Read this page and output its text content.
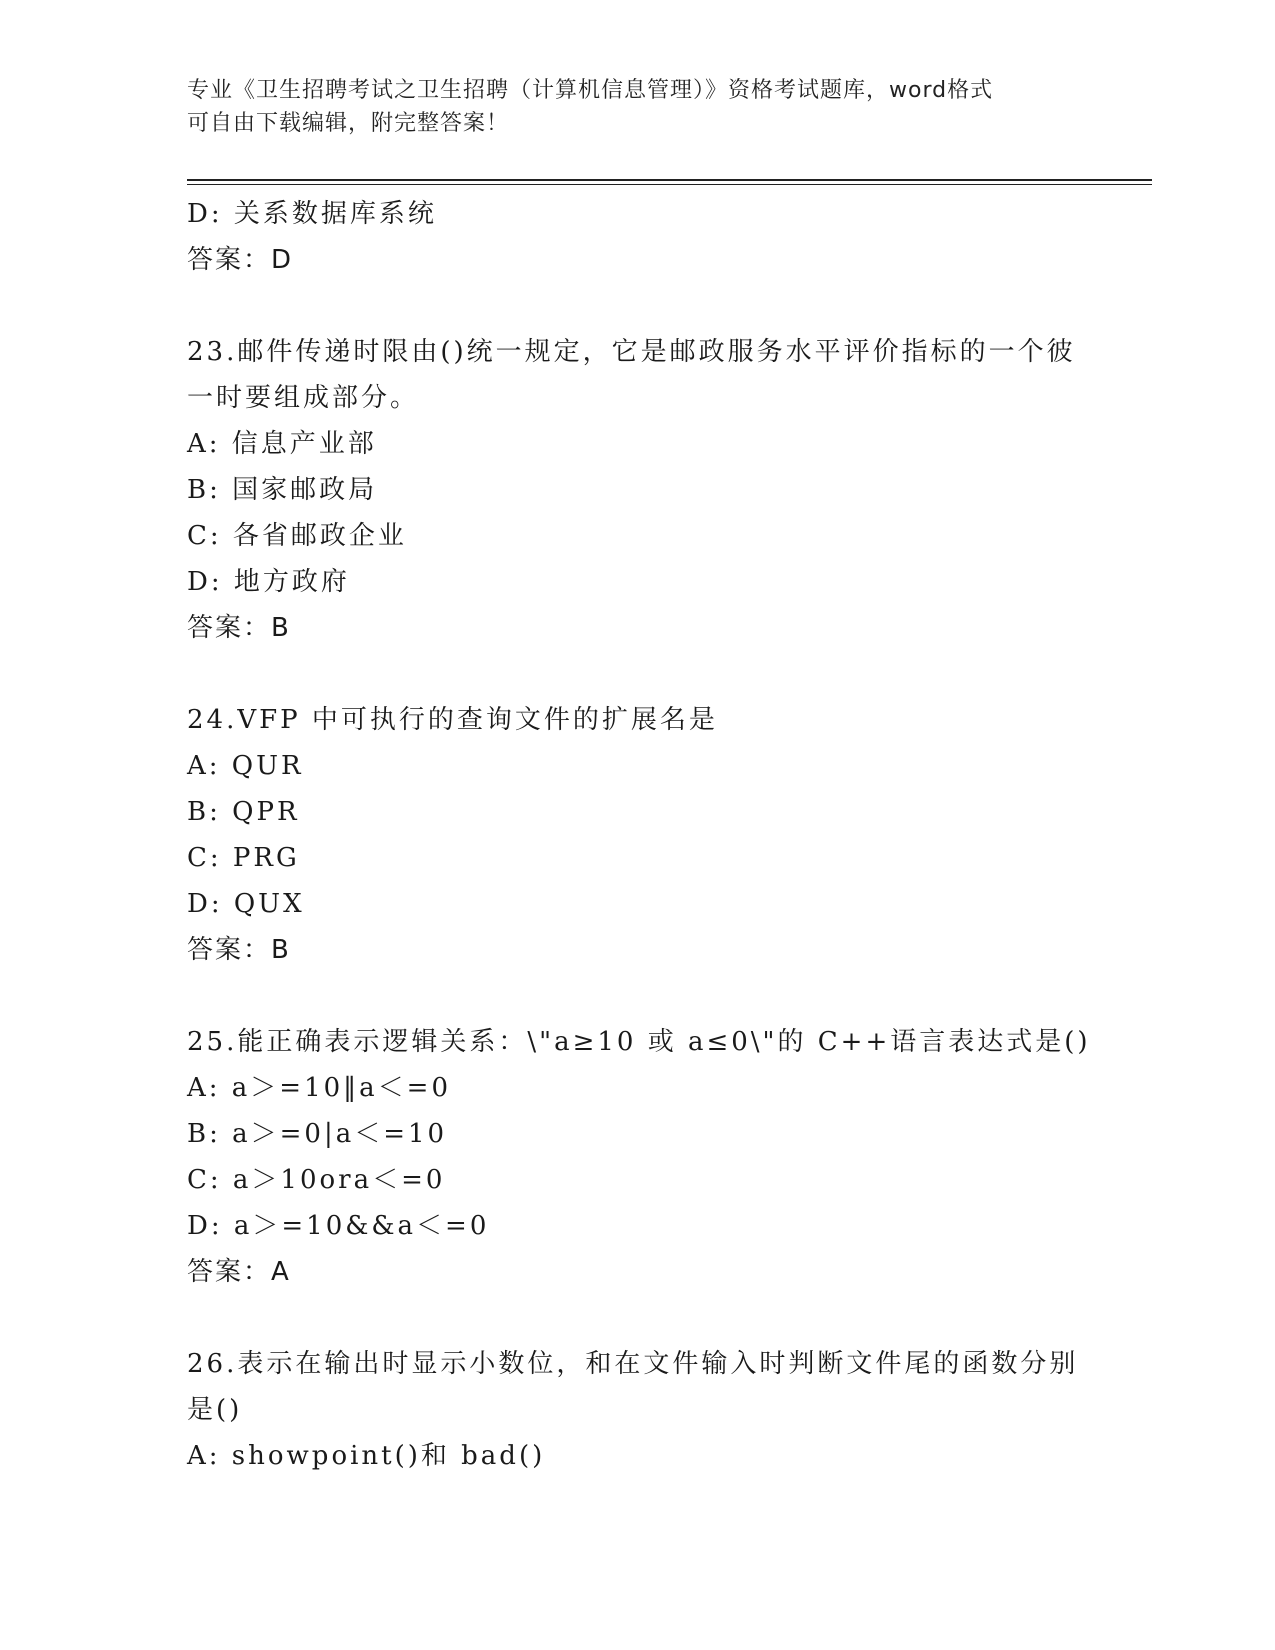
专业《卫生招聘考试之卫生招聘（计算机信息管理）》资格考试题库，word格式
可自由下载编辑，附完整答案！
D: 关系数据库系统
答案：D
23.邮件传递时限由()统一规定，它是邮政服务水平评价指标的一个彼
一时要组成部分。
A: 信息产业部
B: 国家邮政局
C: 各省邮政企业
D: 地方政府
答案：B
24.VFP 中可执行的查询文件的扩展名是
A: QUR
B: QPR
C: PRG
D: QUX
答案：B
25.能正确表示逻辑关系：\"a≥10 或 a≤0\"的 C++语言表达式是()
A: a＞=10‖a＜=0
B: a＞=0|a＜=10
C: a＞10ora＜=0
D: a＞=10&&a＜=0
答案：A
26.表示在输出时显示小数位，和在文件输入时判断文件尾的函数分别
是()
A: showpoint()和 bad()
